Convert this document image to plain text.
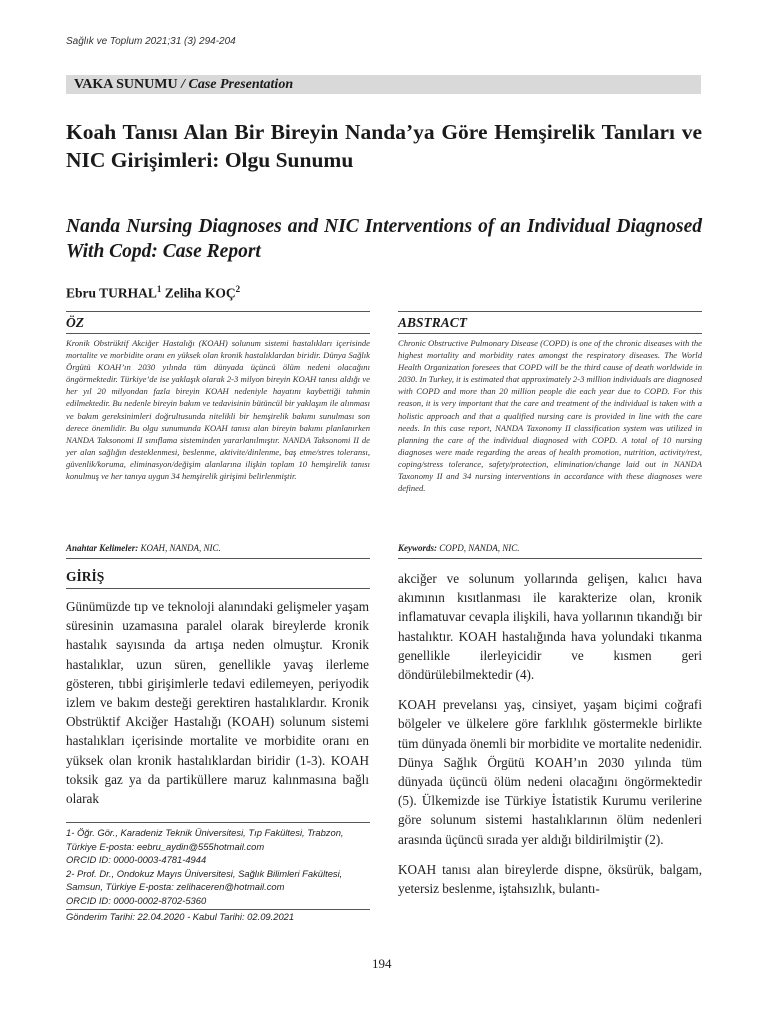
Sağlık ve Toplum 2021;31 (3) 294-204
VAKA SUNUMU / Case Presentation
Koah Tanısı Alan Bir Bireyin Nanda’ya Göre Hemşirelik Tanıları ve NIC Girişimleri: Olgu Sunumu
Nanda Nursing Diagnoses and NIC Interventions of an Individual Diagnosed With Copd: Case Report
Ebru TURHAL$^1$ Zeliha KOÇ$^2$
ÖZ	ABSTRACT
Kronik Obstrüktif Akciğer Hastalığı (KOAH) solunum sistemi hastalıkları içerisinde mortalite ve morbidite oranı en yüksek olan kronik hastalıklardan biridir. Dünya Sağlık Örgütü KOAH’ın 2030 yılında tüm dünyada üçüncü ölüm nedeni olacağını öngörmektedir. Türkiye’de ise yaklaşık olarak 2-3 milyon bireyin KOAH tanısı aldığı ve her yıl 20 milyondan fazla bireyin KOAH nedeniyle hayatını kaybettiği tahmin edilmektedir. Bu nedenle bireyin bakım ve tedavisinin bütüncül bir yaklaşım ile alınması ve bakım gereksinimleri doğrultusunda nitelikli bir hemşirelik bakımı sunulması son derece önemlidir. Bu olgu sunumunda KOAH tanısı alan bireyin bakımı planlanırken NANDA Taksonomi II sınıflama sisteminden yararlanılmıştır. NANDA Taksonomi II de yer alan sağlığın desteklenmesi, beslenme, aktivite/dinlenme, baş etme/stres toleransı, güvenlik/koruma, eliminasyon/değişim alanlarına ilişkin toplam 10 hemşirelik tanısı konulmuş ve her tanıya uygun 34 hemşirelik girişimi belirlenmiştir.
Chronic Obstructive Pulmonary Disease (COPD) is one of the chronic diseases with the highest mortality and morbidity rates amongst the respiratory diseases. The World Health Organization foresees that COPD will be the third cause of death worldwide in 2030. In Turkey, it is estimated that approximately 2-3 million individuals are diagnosed with COPD and more than 20 million people die each year due to COPD. For this reason, it is very important that the care and treatment of the individual is taken with a holistic approach and that a qualified nursing care is provided in line with the care needs. In this case report, NANDA Taxonomy II classification system was utilized in planning the care of the individual diagnosed with COPD. A total of 10 nursing diagnoses were made regarding the areas of health promotion, nutrition, activity/rest, coping/stress tolerance, safety/protection, elimination/change laid out in NANDA Taxonomy II and 34 nursing interventions in accordance with these diagnoses were defined.
Anahtar Kelimeler: KOAH, NANDA, NIC.	Keywords: COPD, NANDA, NIC.
GİRİŞ

Günümüzde tıp ve teknoloji alanındaki gelişmeler yaşam süresinin uzamasına paralel olarak bireylerde kronik hastalık sayısında da artışa neden olmuştur. Kronik hastalıklar, uzun süren, genellikle yavaş ilerleme gösteren, tıbbi girişimlerle tedavi edilemeyen, periyodik izlem ve bakım desteği gerektiren hastalıklardır. Kronik Obstrüktif Akciğer Hastalığı (KOAH) solunum sistemi hastalıkları içerisinde mortalite ve morbidite oranı en yüksek olan kronik hastalıklardan biridir (1-3). KOAH toksik gaz ya da partiküllere maruz kalınmasına bağlı olarak

akciğer ve solunum yollarında gelişen, kalıcı hava akımının kısıtlanması ile karakterize olan, kronik inflamatuvar cevapla ilişkili, hava yollarının tıkandığı bir hastalıktır. KOAH hastalığında hava yolundaki tıkanma genellikle ilerleyicidir ve kısmen geri döndürülebilmektedir (4).

KOAH prevelansı yaş, cinsiyet, yaşam biçimi coğrafi bölgeler ve ülkelere göre farklılık göstermekle birlikte tüm dünyada önemli bir morbidite ve mortalite nedenidir. Dünya Sağlık Örgütü KOAH’ın 2030 yılında tüm dünyada üçüncü ölüm nedeni olacağını öngörmektedir (5). Ülkemizde ise Türkiye İstatistik Kurumu verilerine göre solunum sistemi hastalıklarının ölüm nedenleri arasında üçüncü sırada yer aldığı bildirilmiştir (2).

KOAH tanısı alan bireylerde dispne, öksürük, balgam, yetersiz beslenme, iştahsızlık, bulantı-

1- Öğr. Gör., Karadeniz Teknik Üniversitesi, Tıp Fakültesi, Trabzon, Türkiye E-posta: eebru_aydin@555hotmail.com

ORCID ID: 0000-0003-4781-4944

2- Prof. Dr., Ondokuz Mayıs Üniversitesi, Sağlık Bilimleri Fakültesi, Samsun, Türkiye E-posta: zelihaceren@hotmail.com

ORCID ID: 0000-0002-8702-5360

Gönderim Tarihi: 22.04.2020 - Kabul Tarihi: 02.09.2021

194
